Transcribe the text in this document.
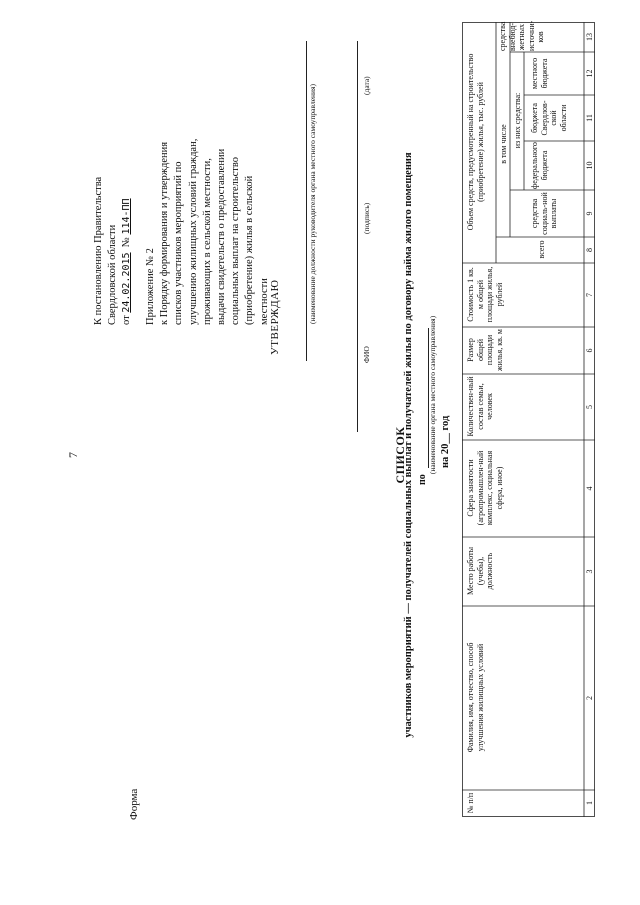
7
Форма
К постановлению Правительства Свердловской области от 24.02.2015  № 114-ПП
Приложение № 2 к Порядку формирования и утверждения списков участников мероприятий по улучшению жилищных условий граждан, проживающих в сельской местности, выдачи свидетельств о предоставлении социальных выплат на строительство (приобретение) жилья в сельской местности УТВЕРЖДАЮ	(наименование должности руководителя органа местного самоуправления)
ФИО
(подпись)
(дата)
СПИСОК
участников мероприятий — получателей социальных выплат и получателей жилья по договору найма жилого помещения по
(наименование органа местного самоуправления) на 20__ год
№ п/п
Фамилия, имя, отчество, способ улучшения жилищных условий
Место работы (учебы), должность
Сфера занятости (агропромышлен-ный комплекс, социальная сфера, иное)
Количествен-ный состав семьи, человек
Размер общей площади жилья, кв. м
Стоимость 1 кв. м общей площади жилья, рублей
Объем средств, предусмотренный на строительство (приобретение) жилья, тыс. рублей
всего
в том числе
средства социаль-ной выплаты
из них средства:
федерального бюджета
бюджета Свердлов-ской области
местного бюджета
средства внебюд-жетных источни-ков
1
2
3
4
5
6
7
8
9
10
11
12
13
